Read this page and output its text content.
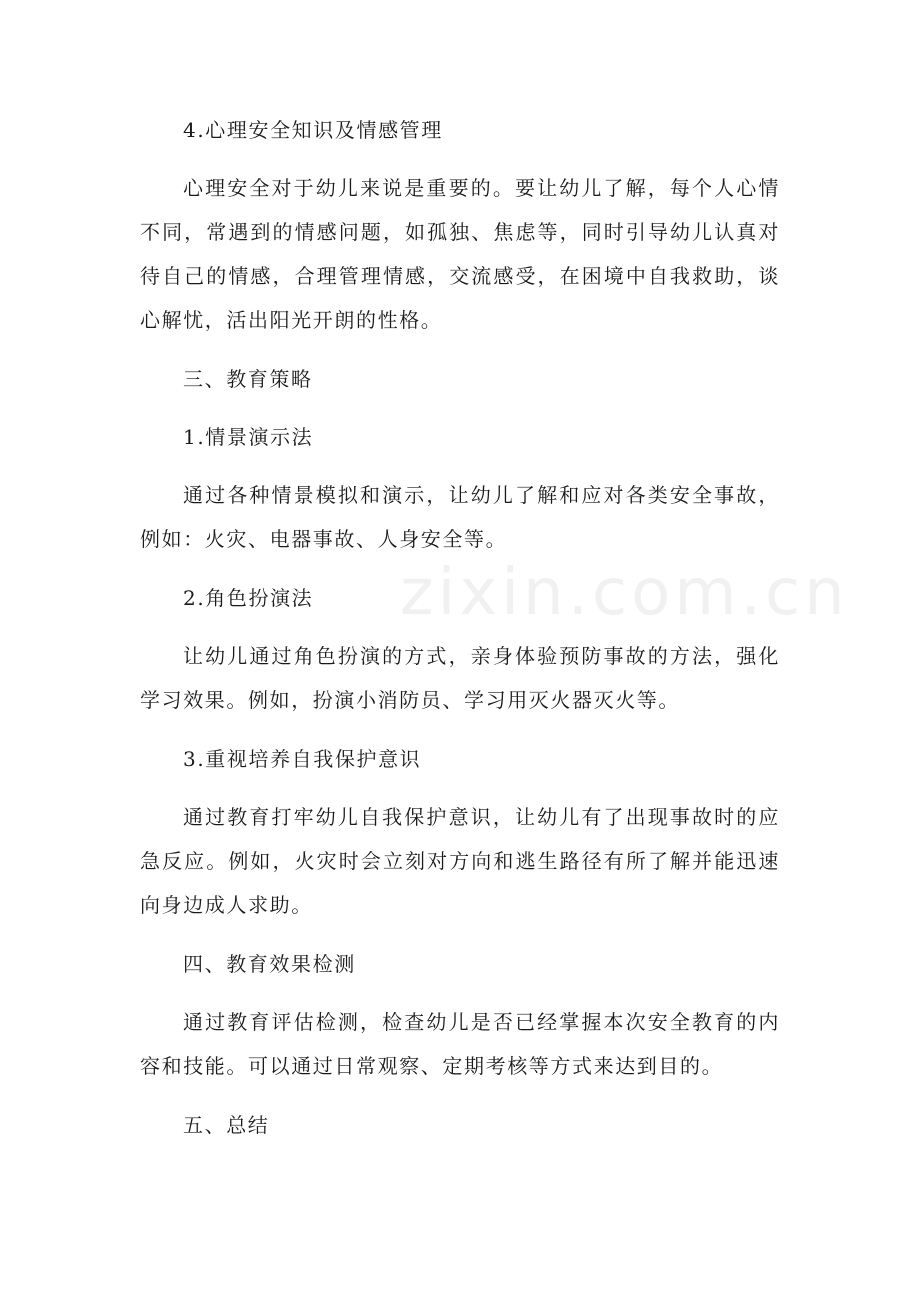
4.心理安全知识及情感管理

心理安全对于幼儿来说是重要的。要让幼儿了解，每个人心情不同，常遇到的情感问题，如孤独、焦虑等，同时引导幼儿认真对待自己的情感，合理管理情感，交流感受，在困境中自我救助，谈心解忧，活出阳光开朗的性格。

三、教育策略

1.情景演示法

通过各种情景模拟和演示，让幼儿了解和应对各类安全事故，例如：火灾、电器事故、人身安全等。

2.角色扮演法

让幼儿通过角色扮演的方式，亲身体验预防事故的方法，强化学习效果。例如，扮演小消防员、学习用灭火器灭火等。

3.重视培养自我保护意识

通过教育打牢幼儿自我保护意识，让幼儿有了出现事故时的应急反应。例如，火灾时会立刻对方向和逃生路径有所了解并能迅速向身边成人求助。

四、教育效果检测

通过教育评估检测，检查幼儿是否已经掌握本次安全教育的内容和技能。可以通过日常观察、定期考核等方式来达到目的。

五、总结

zixin.com.cn
